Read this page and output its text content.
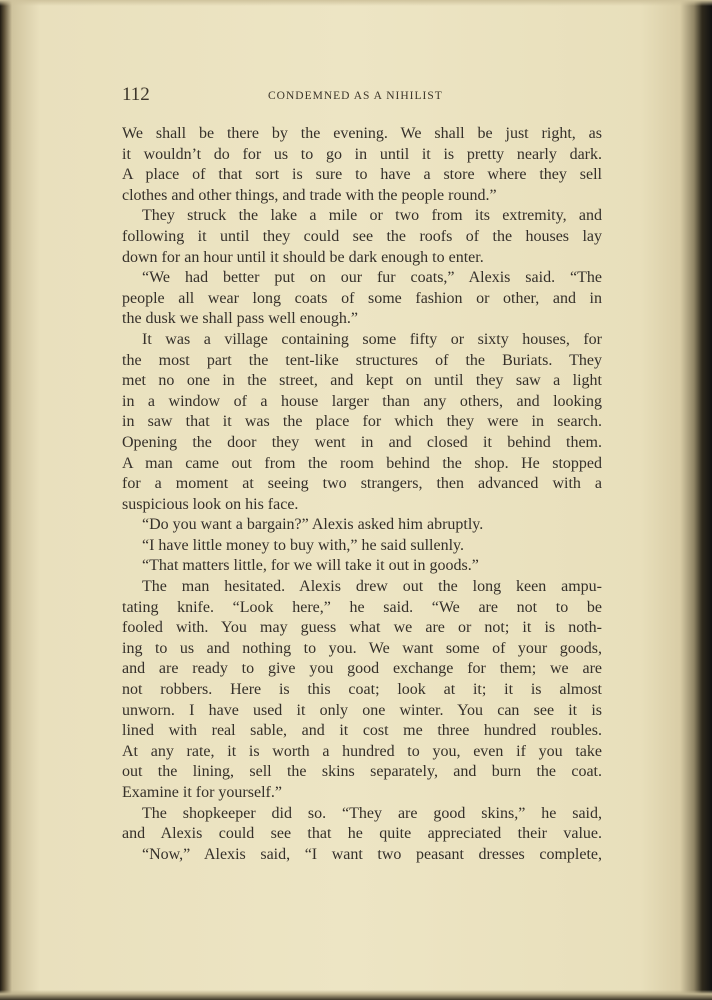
112	CONDEMNED AS A NIHILIST
We shall be there by the evening. We shall be just right, as
it wouldn’t do for us to go in until it is pretty nearly dark.
A place of that sort is sure to have a store where they sell
clothes and other things, and trade with the people round.”
They struck the lake a mile or two from its extremity, and
following it until they could see the roofs of the houses lay
down for an hour until it should be dark enough to enter.
“We had better put on our fur coats,” Alexis said. “The
people all wear long coats of some fashion or other, and in
the dusk we shall pass well enough.”
It was a village containing some fifty or sixty houses, for
the most part the tent-like structures of the Buriats. They
met no one in the street, and kept on until they saw a light
in a window of a house larger than any others, and looking
in saw that it was the place for which they were in search.
Opening the door they went in and closed it behind them.
A man came out from the room behind the shop. He stopped
for a moment at seeing two strangers, then advanced with a
suspicious look on his face.
“Do you want a bargain?” Alexis asked him abruptly.
“I have little money to buy with,” he said sullenly.
“That matters little, for we will take it out in goods.”
The man hesitated. Alexis drew out the long keen ampu-
tating knife. “Look here,” he said. “We are not to be
fooled with. You may guess what we are or not; it is noth-
ing to us and nothing to you. We want some of your goods,
and are ready to give you good exchange for them; we are
not robbers. Here is this coat; look at it; it is almost
unworn. I have used it only one winter. You can see it is
lined with real sable, and it cost me three hundred roubles.
At any rate, it is worth a hundred to you, even if you take
out the lining, sell the skins separately, and burn the coat.
Examine it for yourself.”
The shopkeeper did so. “They are good skins,” he said,
and Alexis could see that he quite appreciated their value.
“Now,” Alexis said, “I want two peasant dresses complete,
